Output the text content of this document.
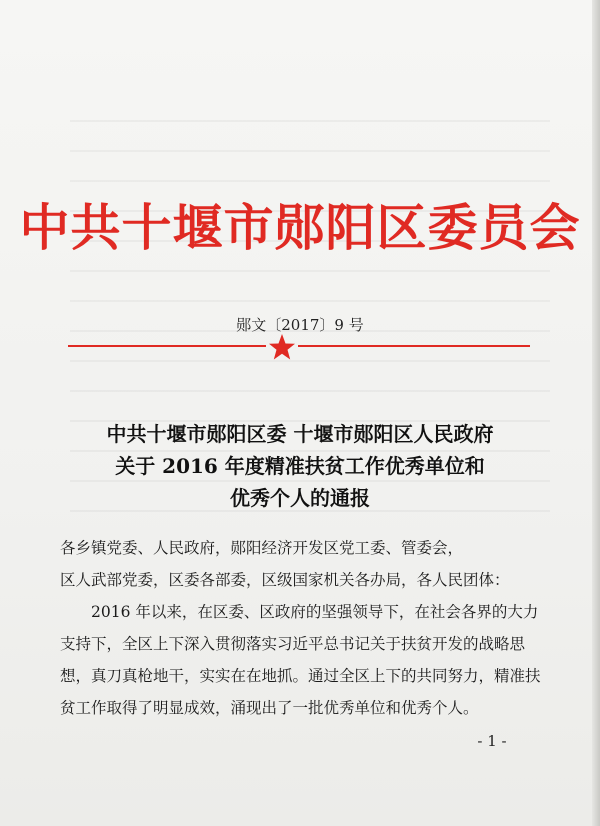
中共十堰市郧阳区委员会
郧文〔2017〕9 号
中共十堰市郧阳区委 十堰市郧阳区人民政府
关于 2016 年度精准扶贫工作优秀单位和
优秀个人的通报

各乡镇党委、人民政府，郧阳经济开发区党工委、管委会，

区人武部党委，区委各部委，区级国家机关各办局，各人民团体：

2016 年以来，在区委、区政府的坚强领导下，在社会各界的大力支持下，全区上下深入贯彻落实习近平总书记关于扶贫开发的战略思想，真刀真枪地干，实实在在地抓。通过全区上下的共同努力，精准扶贫工作取得了明显成效，涌现出了一批优秀单位和优秀个人。

- 1 -
